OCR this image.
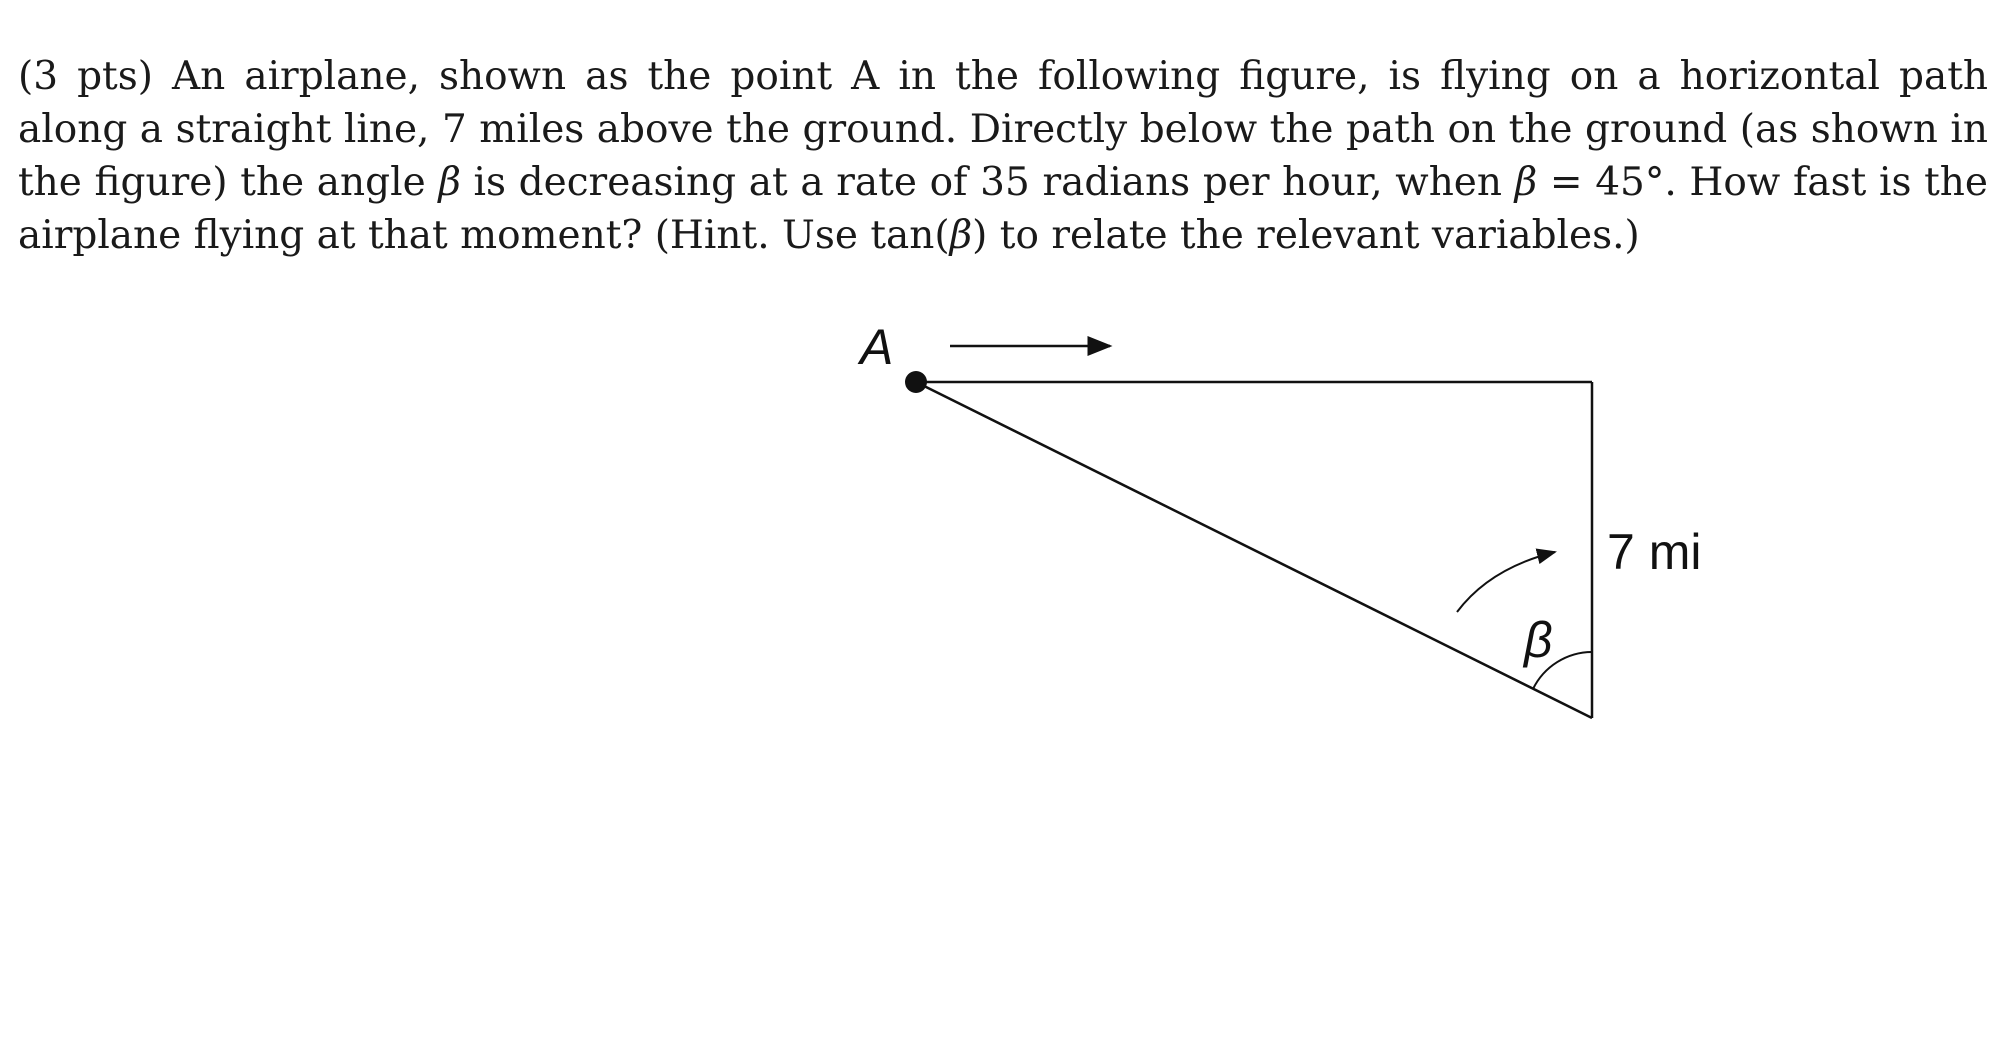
(3 pts) An airplane, shown as the point A in the following figure, is flying on a horizontal path along a straight line, 7 miles above the ground. Directly below the path on the ground (as shown in the figure) the angle β is decreasing at a rate of 35 radians per hour, when β = 45°. How fast is the airplane flying at that moment? (Hint. Use tan(β) to relate the relevant variables.)

A
7 mi
β
